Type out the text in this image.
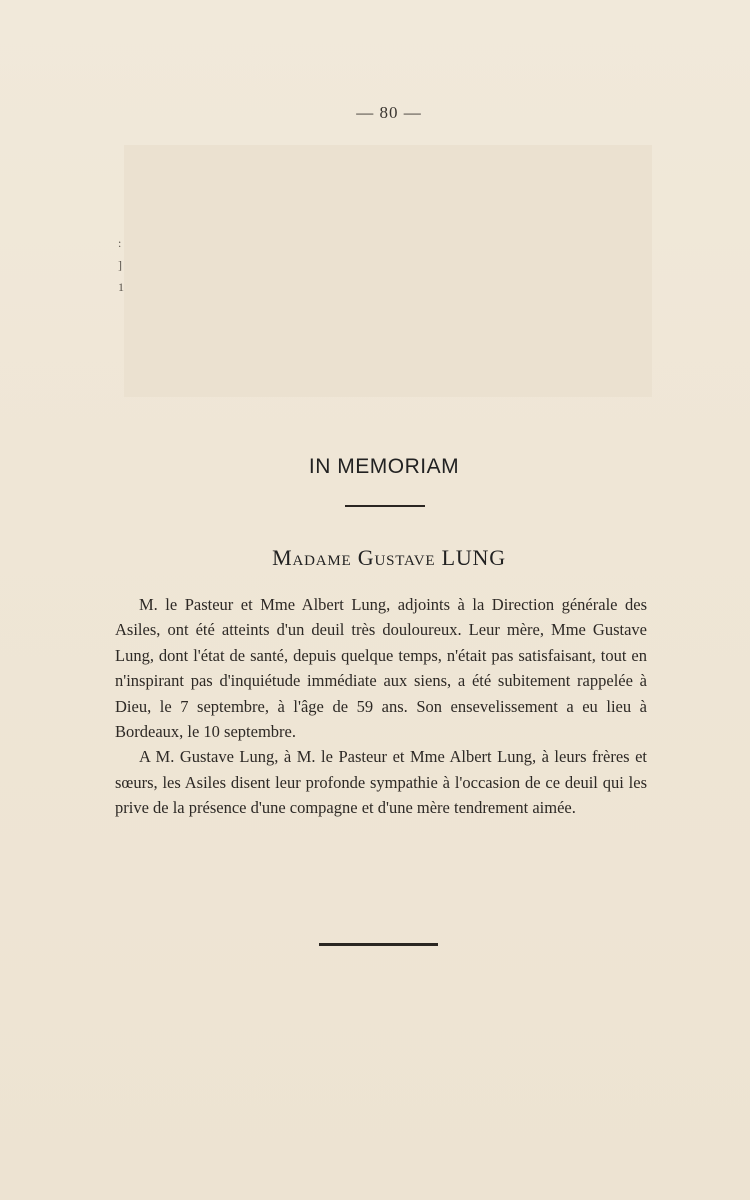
— 80 —
:
]
1
IN MEMORIAM
Madame Gustave LUNG

M. le Pasteur et Mme Albert Lung, adjoints à la Direction générale des Asiles, ont été atteints d'un deuil très douloureux. Leur mère, Mme Gustave Lung, dont l'état de santé, depuis quelque temps, n'était pas satisfaisant, tout en n'inspirant pas d'inquiétude immédiate aux siens, a été subitement rappelée à Dieu, le 7 septembre, à l'âge de 59 ans. Son ensevelissement a eu lieu à Bordeaux, le 10 septembre.

A M. Gustave Lung, à M. le Pasteur et Mme Albert Lung, à leurs frères et sœurs, les Asiles disent leur profonde sympathie à l'occasion de ce deuil qui les prive de la présence d'une compagne et d'une mère tendrement aimée.
